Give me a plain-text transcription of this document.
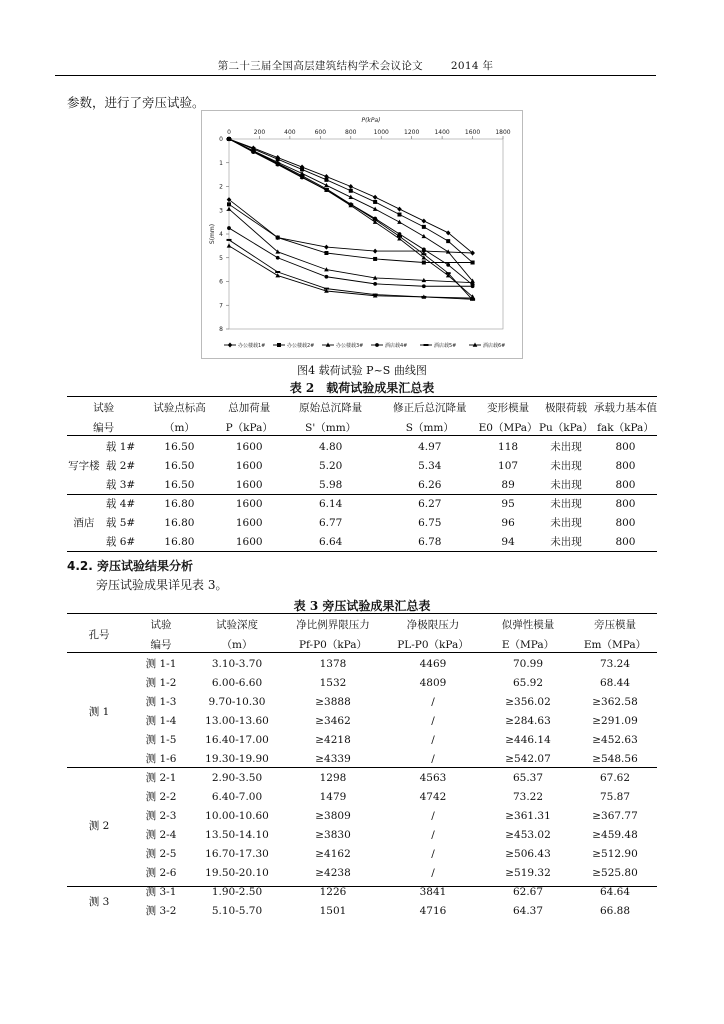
第二十三届全国高层建筑结构学术会议论文	2014 年
参数，进行了旁压试验。
0	200	400	600	800	1000	1200	1400	1600	1800
0
1
2
3
4
5
6
7
8
P(kPa)
S(mm)
办公楼载1#	办公楼载2#	办公楼载3#	酒店载4#	酒店载5#	酒店载6#
图4 载荷试验 P~S 曲线图
表 2　载荷试验成果汇总表
试验		试验点标高	总加荷量	原始总沉降量	修正后总沉降量	变形模量	极限荷载	承载力基本值
编号		（m）	P（kPa）	S'（mm）	S（mm）	E0（MPa）	Pu（kPa）	fak（kPa）
写字楼	载 1#	16.50	1600	4.80	4.97	118	未出现	800
	载 2#	16.50	1600	5.20	5.34	107	未出现	800
	载 3#	16.50	1600	5.98	6.26	89	未出现	800
酒店	载 4#	16.80	1600	6.14	6.27	95	未出现	800
	载 5#	16.80	1600	6.77	6.75	96	未出现	800
	载 6#	16.80	1600	6.64	6.78	94	未出现	800
4.2. 旁压试验结果分析
旁压试验成果详见表 3。
表 3 旁压试验成果汇总表
孔号	试验	试验深度	净比例界限压力	净极限压力	似弹性模量	旁压模量
	编号	（m）	Pf-P0（kPa）	PL-P0（kPa）	E（MPa）	Em（MPa）
测 1	测 1-1	3.10-3.70	1378	4469	70.99	73.24
	测 1-2	6.00-6.60	1532	4809	65.92	68.44
	测 1-3	9.70-10.30	≥3888	/	≥356.02	≥362.58
	测 1-4	13.00-13.60	≥3462	/	≥284.63	≥291.09
	测 1-5	16.40-17.00	≥4218	/	≥446.14	≥452.63
	测 1-6	19.30-19.90	≥4339	/	≥542.07	≥548.56
测 2	测 2-1	2.90-3.50	1298	4563	65.37	67.62
	测 2-2	6.40-7.00	1479	4742	73.22	75.87
	测 2-3	10.00-10.60	≥3809	/	≥361.31	≥367.77
	测 2-4	13.50-14.10	≥3830	/	≥453.02	≥459.48
	测 2-5	16.70-17.30	≥4162	/	≥506.43	≥512.90
	测 2-6	19.50-20.10	≥4238	/	≥519.32	≥525.80
测 3	测 3-1	1.90-2.50	1226	3841	62.67	64.64
	测 3-2	5.10-5.70	1501	4716	64.37	66.88
